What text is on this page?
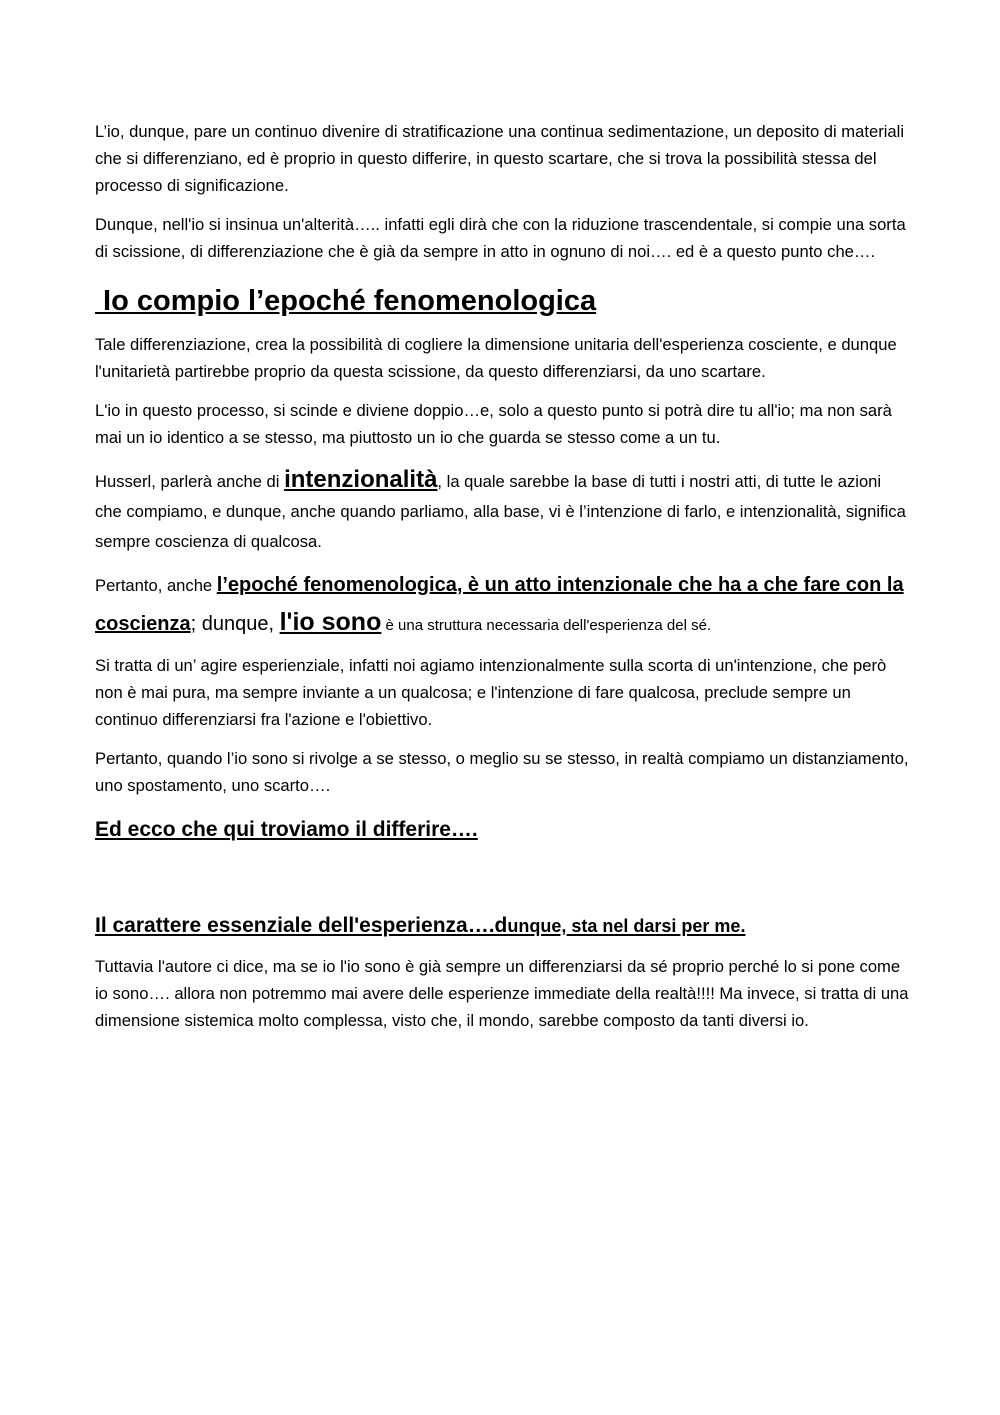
L’io, dunque, pare un continuo divenire di stratificazione una continua sedimentazione, un deposito di materiali che si differenziano, ed è proprio in questo differire, in questo scartare, che si trova la possibilità stessa del processo di significazione.

Dunque, nell'io si insinua un'alterità….. infatti egli dirà che con la riduzione trascendentale, si compie una sorta di scissione, di differenziazione che è già da sempre in atto in ognuno di noi…. ed è a questo punto che….

Io compio l’epoché fenomenologica

Tale differenziazione, crea la possibilità di cogliere la dimensione unitaria dell'esperienza cosciente, e dunque l'unitarietà partirebbe proprio da questa scissione, da questo differenziarsi, da uno scartare.

L'io in questo processo, si scinde e diviene doppio…e, solo a questo punto si potrà dire tu all'io; ma non sarà mai un io identico a se stesso, ma piuttosto un io che guarda se stesso come a un tu.

Husserl, parlerà anche di intenzionalità, la quale sarebbe la base di tutti i nostri atti, di tutte le azioni che compiamo, e dunque, anche quando parliamo, alla base, vi è l’intenzione di farlo, e intenzionalità, significa sempre coscienza di qualcosa.

Pertanto, anche l’epoché fenomenologica, è un atto intenzionale che ha a che fare con la coscienza; dunque, l'io sono è una struttura necessaria dell'esperienza del sé.

Si tratta di un’ agire esperienziale, infatti noi agiamo intenzionalmente sulla scorta di un'intenzione, che però non è mai pura, ma sempre inviante a un qualcosa; e l'intenzione di fare qualcosa, preclude sempre un continuo differenziarsi fra l'azione e l'obiettivo.

Pertanto, quando l’io sono si rivolge a se stesso, o meglio su se stesso, in realtà compiamo un distanziamento, uno spostamento, uno scarto….

Ed ecco che qui troviamo il differire….
Il carattere essenziale dell'esperienza….dunque, sta nel darsi per me.

Tuttavia l'autore ci dice, ma se io l'io sono è già sempre un differenziarsi da sé proprio perché lo si pone come io sono…. allora non potremmo mai avere delle esperienze immediate della realtà!!!! Ma invece, si tratta di una dimensione sistemica molto complessa, visto che, il mondo, sarebbe composto da tanti diversi io.
